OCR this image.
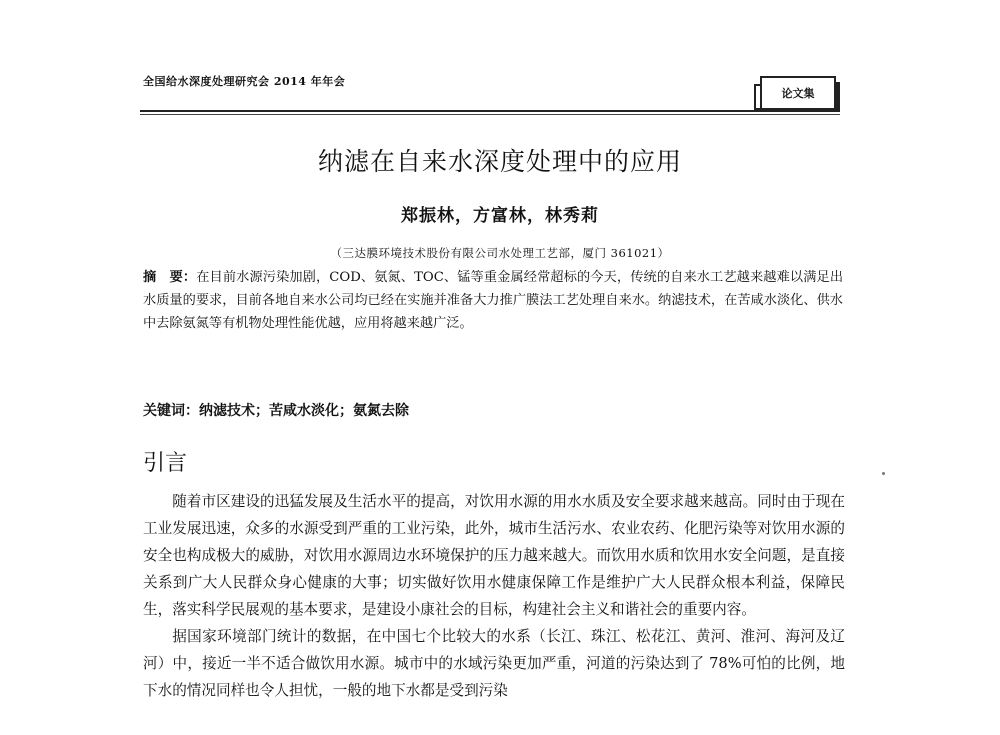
全国给水深度处理研究会 2014 年年会
论文集
纳滤在自来水深度处理中的应用
郑振林，方富林，林秀莉
（三达膜环境技术股份有限公司水处理工艺部，厦门 361021）
摘　要：在目前水源污染加剧，COD、氨氮、TOC、锰等重金属经常超标的今天，传统的自来水工艺越来越难以满足出水质量的要求，目前各地自来水公司均已经在实施并准备大力推广膜法工艺处理自来水。纳滤技术，在苦咸水淡化、供水中去除氨氮等有机物处理性能优越，应用将越来越广泛。
关键词：纳滤技术；苦咸水淡化；氨氮去除
引言

随着市区建设的迅猛发展及生活水平的提高，对饮用水源的用水水质及安全要求越来越高。同时由于现在工业发展迅速，众多的水源受到严重的工业污染，此外，城市生活污水、农业农药、化肥污染等对饮用水源的安全也构成极大的威胁，对饮用水源周边水环境保护的压力越来越大。而饮用水质和饮用水安全问题，是直接关系到广大人民群众身心健康的大事；切实做好饮用水健康保障工作是维护广大人民群众根本利益，保障民生，落实科学民展观的基本要求，是建设小康社会的目标，构建社会主义和谐社会的重要内容。

据国家环境部门统计的数据，在中国七个比较大的水系（长江、珠江、松花江、黄河、淮河、海河及辽河）中，接近一半不适合做饮用水源。城市中的水域污染更加严重，河道的污染达到了 78%可怕的比例，地下水的情况同样也令人担忧，一般的地下水都是受到污染
